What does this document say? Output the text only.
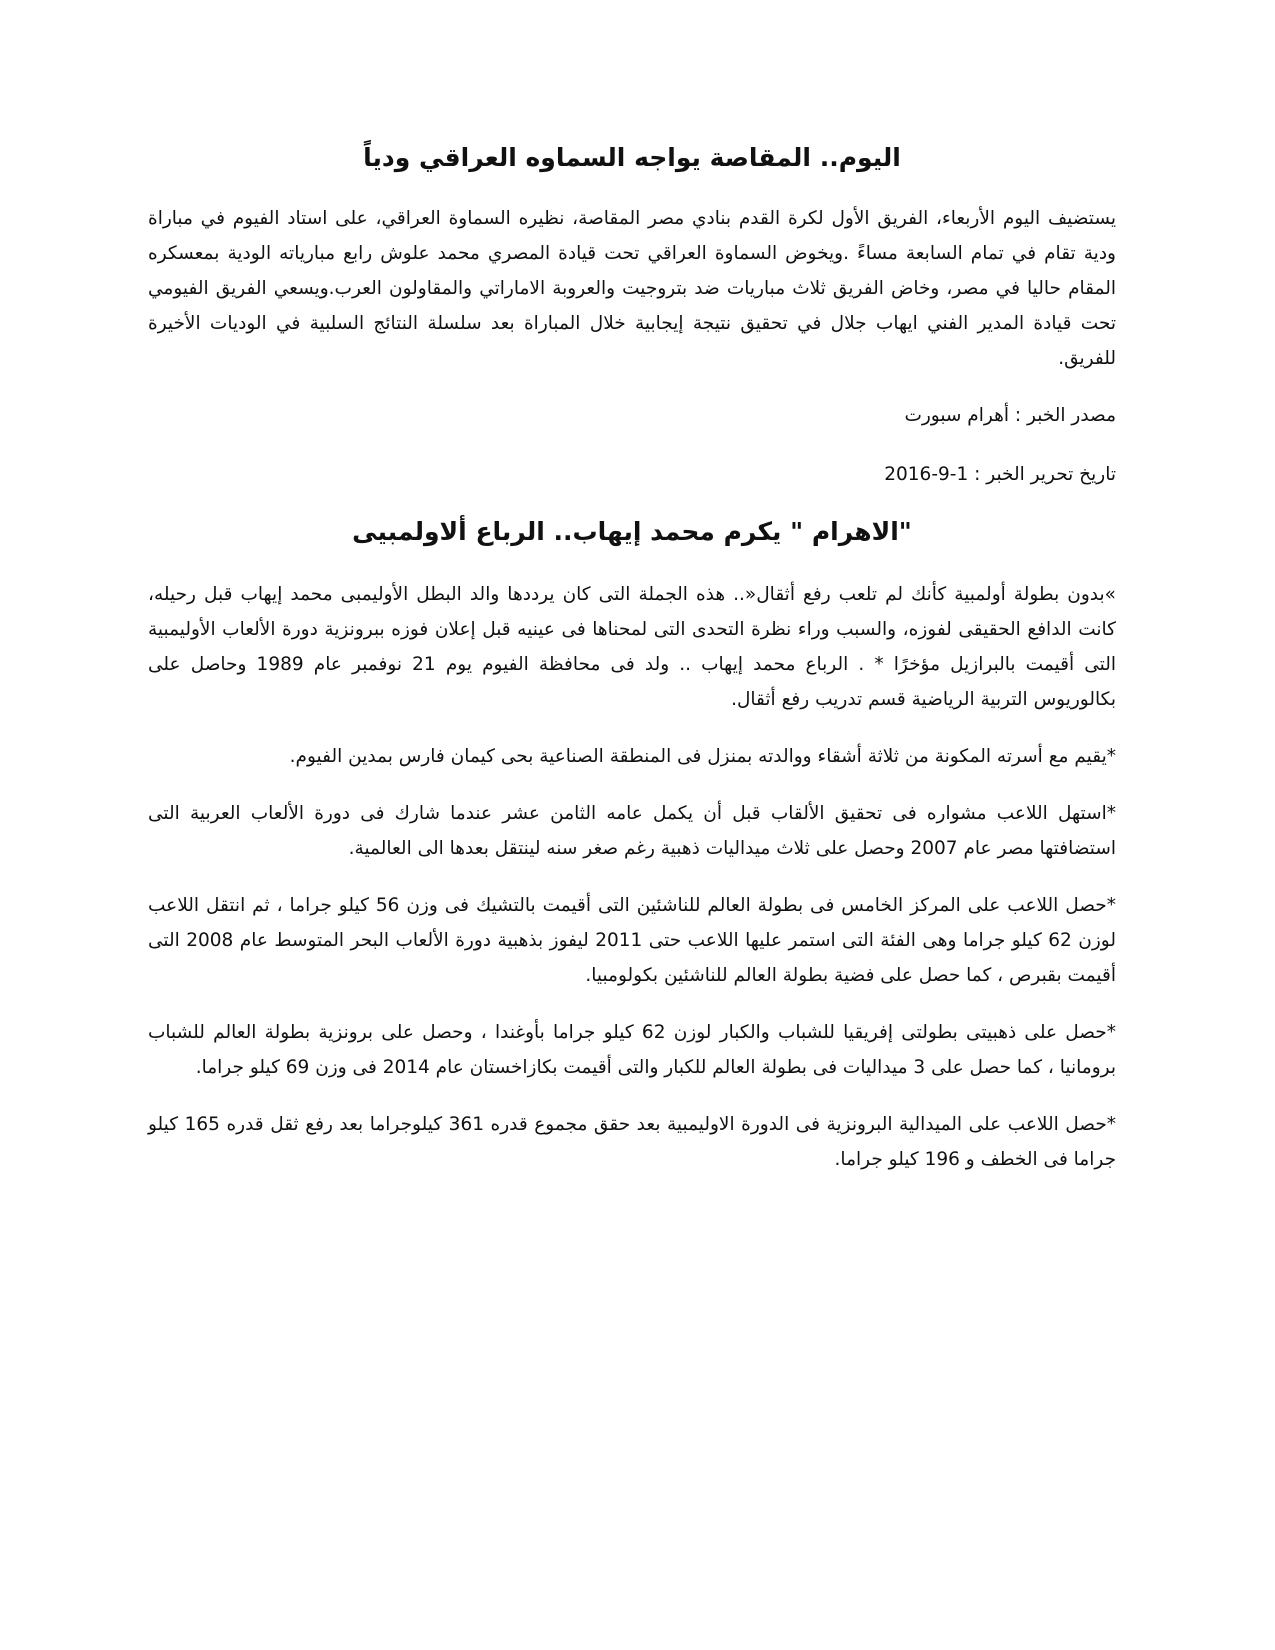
اليوم.. المقاصة يواجه السماوه العراقي ودياً

يستضيف اليوم الأربعاء، الفريق الأول لكرة القدم بنادي مصر المقاصة، نظيره السماوة العراقي، على استاد الفيوم في مباراة ودية تقام في تمام السابعة مساءً .ويخوض السماوة العراقي تحت قيادة المصري محمد علوش رابع مبارياته الودية بمعسكره المقام حاليا في مصر، وخاض الفريق ثلاث مباريات ضد بتروجيت والعروبة الاماراتي والمقاولون العرب.ويسعي الفريق الفيومي تحت قيادة المدير الفني ايهاب جلال في تحقيق نتيجة إيجابية خلال المباراة بعد سلسلة النتائج السلبية في الوديات الأخيرة للفريق.

مصدر الخبر : أهرام سبورت

تاريخ تحرير الخبر : 1-9-2016

"الاهرام " يكرم محمد إيهاب.. الرباع ألاولمبيى

»بدون بطولة أولمبية كأنك لم تلعب رفع أثقال«.. هذه الجملة التى كان يرددها والد البطل الأوليمبى محمد إيهاب قبل رحيله، كانت الدافع الحقيقى لفوزه، والسبب وراء نظرة التحدى التى لمحناها فى عينيه قبل إعلان فوزه ببرونزية دورة الألعاب الأوليمبية التى أقيمت بالبرازيل مؤخرًا * . الرباع محمد إيهاب .. ولد فى محافظة الفيوم يوم 21 نوفمبر عام 1989 وحاصل على بكالوريوس التربية الرياضية قسم تدريب رفع أثقال.

*يقيم مع أسرته المكونة من ثلاثة أشقاء ووالدته بمنزل فى المنطقة الصناعية بحى كيمان فارس بمدين الفيوم.

*استهل اللاعب مشواره فى تحقيق الألقاب قبل أن يكمل عامه الثامن عشر عندما شارك فى دورة الألعاب العربية التى استضافتها مصر عام 2007 وحصل على ثلاث ميداليات ذهبية رغم صغر سنه لينتقل بعدها الى العالمية.

*حصل اللاعب على المركز الخامس فى بطولة العالم للناشئين التى أقيمت بالتشيك فى وزن 56 كيلو جراما ، ثم انتقل اللاعب لوزن 62 كيلو جراما وهى الفئة التى استمر عليها اللاعب حتى 2011 ليفوز بذهبية دورة الألعاب البحر المتوسط عام 2008 التى أقيمت بقبرص ، كما حصل على فضية بطولة العالم للناشئين بكولومبيا.

*حصل على ذهبيتى بطولتى إفريقيا للشباب والكبار لوزن 62 كيلو جراما بأوغندا ، وحصل على برونزية بطولة العالم للشباب برومانيا ، كما حصل على 3 ميداليات فى بطولة العالم للكبار والتى أقيمت بكازاخستان عام 2014 فى وزن 69 كيلو جراما.

*حصل اللاعب على الميدالية البرونزية فى الدورة الاوليمبية بعد حقق مجموع قدره 361 كيلوجراما بعد رفع ثقل قدره 165 كيلو جراما فى الخطف و 196 كيلو جراما.
